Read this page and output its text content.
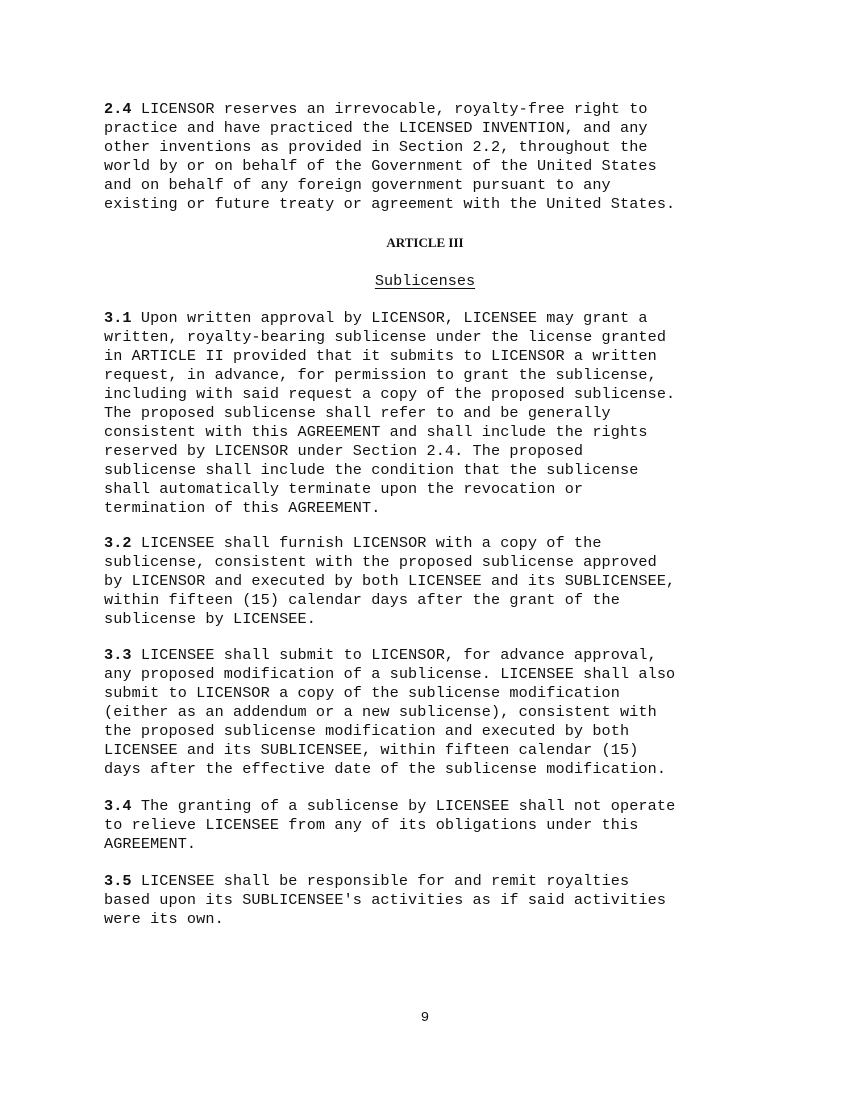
2.4 LICENSOR reserves an irrevocable, royalty-free right to
practice and have practiced the LICENSED INVENTION, and any
other inventions as provided in Section 2.2, throughout the
world by or on behalf of the Government of the United States
and on behalf of any foreign government pursuant to any
existing or future treaty or agreement with the United States.
ARTICLE III
Sublicenses
3.1 Upon written approval by LICENSOR, LICENSEE may grant a
written, royalty-bearing sublicense under the license granted
in ARTICLE II provided that it submits to LICENSOR a written
request, in advance, for permission to grant the sublicense,
including with said request a copy of the proposed sublicense.
The proposed sublicense shall refer to and be generally
consistent with this AGREEMENT and shall include the rights
reserved by LICENSOR under Section 2.4. The proposed
sublicense shall include the condition that the sublicense
shall automatically terminate upon the revocation or
termination of this AGREEMENT.
3.2 LICENSEE shall furnish LICENSOR with a copy of the
sublicense, consistent with the proposed sublicense approved
by LICENSOR and executed by both LICENSEE and its SUBLICENSEE,
within fifteen (15) calendar days after the grant of the
sublicense by LICENSEE.
3.3 LICENSEE shall submit to LICENSOR, for advance approval,
any proposed modification of a sublicense. LICENSEE shall also
submit to LICENSOR a copy of the sublicense modification
(either as an addendum or a new sublicense), consistent with
the proposed sublicense modification and executed by both
LICENSEE and its SUBLICENSEE, within fifteen calendar (15)
days after the effective date of the sublicense modification.
3.4 The granting of a sublicense by LICENSEE shall not operate
to relieve LICENSEE from any of its obligations under this
AGREEMENT.
3.5 LICENSEE shall be responsible for and remit royalties
based upon its SUBLICENSEE's activities as if said activities
were its own.
9
